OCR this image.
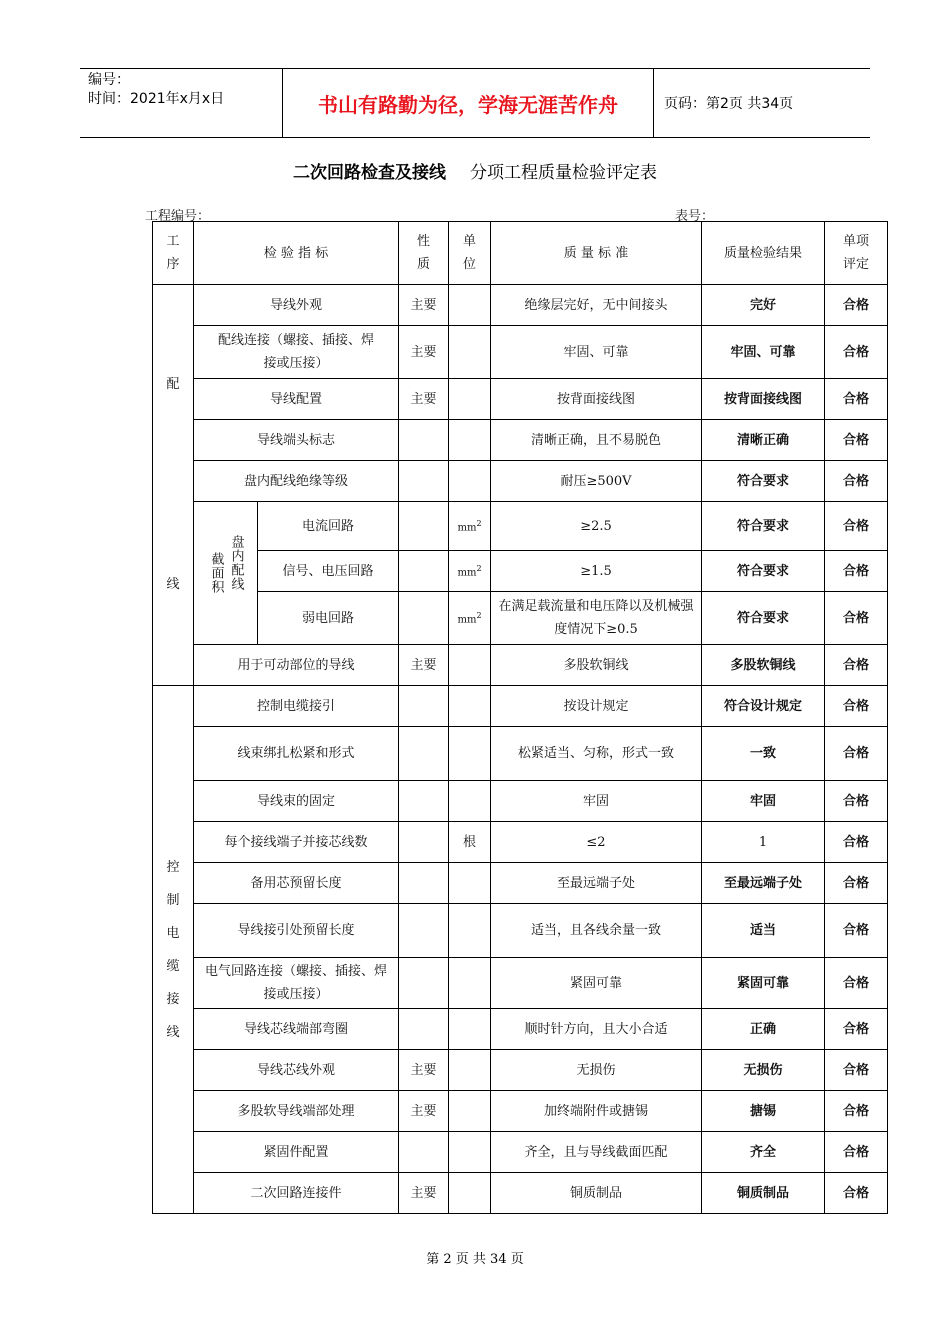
编号：
时间：2021年x月x日	书山有路勤为径，学海无涯苦作舟	页码：第2页 共34页
二次回路检查及接线 分项工程质量检验评定表
工程编号：	表号：
工序	检 验 指 标		性质	单位	质 量 标 准	质量检验结果	单项评定
配线	导线外观		主要		绝缘层完好，无中间接头	完好	合格
	配线连接（螺接、插接、焊接或压接）		主要		牢固、可靠	牢固、可靠	合格
	导线配置		主要		按背面接线图	按背面接线图	合格
	导线端头标志				清晰正确，且不易脱色	清晰正确	合格
	盘内配线绝缘等级				耐压≥500V	符合要求	合格
	截面积 盘内配线	电流回路		$mm^2$	≥2.5	符合要求	合格
		信号、电压回路		$mm^2$	≥1.5	符合要求	合格
		弱电回路		$mm^2$	在满足载流量和电压降以及机械强度情况下≥0.5	符合要求	合格
	用于可动部位的导线		主要		多股软铜线	多股软铜线	合格
控制电缆接线	控制电缆接引				按设计规定	符合设计规定	合格
	线束绑扎松紧和形式				松紧适当、匀称，形式一致	一致	合格
	导线束的固定				牢固	牢固	合格
	每个接线端子并接芯线数			根	≤2	1	合格
	备用芯预留长度				至最远端子处	至最远端子处	合格
	导线接引处预留长度				适当，且各线余量一致	适当	合格
	电气回路连接（螺接、插接、焊接或压接）				紧固可靠	紧固可靠	合格
	导线芯线端部弯圈				顺时针方向，且大小合适	正确	合格
	导线芯线外观		主要		无损伤	无损伤	合格
	多股软导线端部处理		主要		加终端附件或搪锡	搪锡	合格
	紧固件配置				齐全，且与导线截面匹配	齐全	合格
	二次回路连接件		主要		铜质制品	铜质制品	合格
第 2 页 共 34 页
